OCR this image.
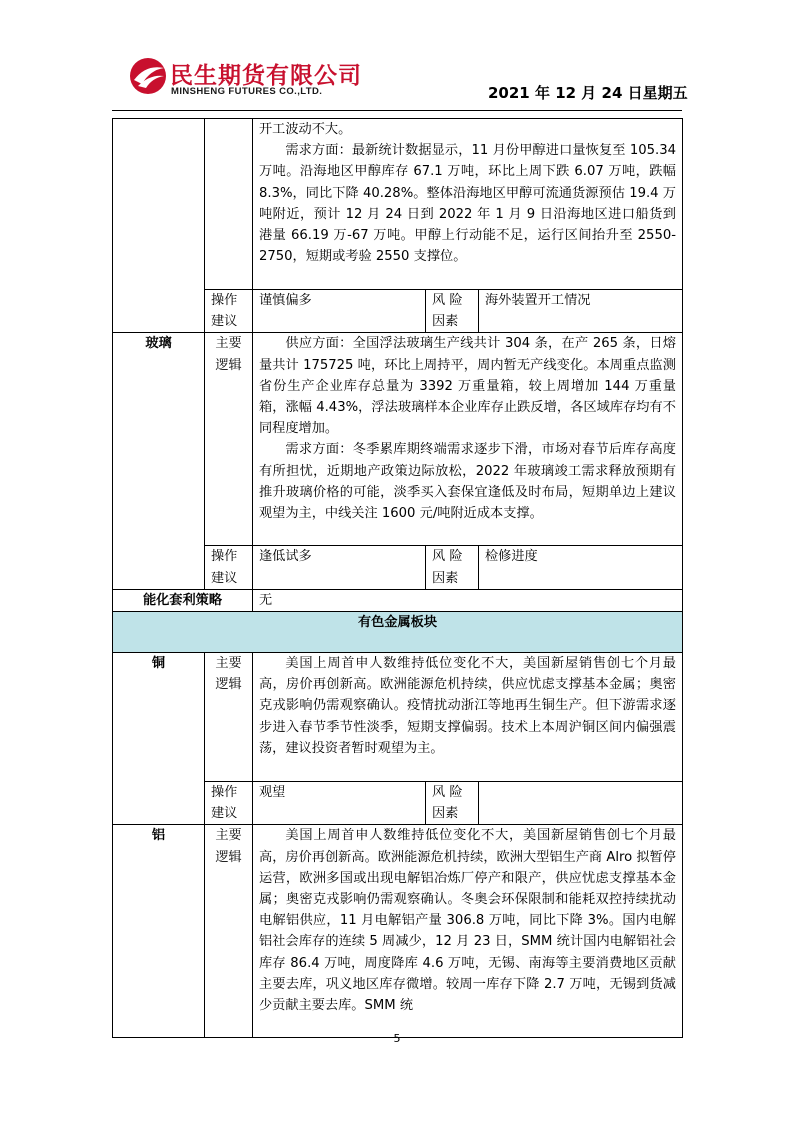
民生期货有限公司
MINSHENG FUTURES CO.,LTD.	2021 年 12 月 24 日星期五

		开工波动不大。

需求方面：最新统计数据显示，11 月份甲醇进口量恢复至 105.34 万吨。沿海地区甲醇库存 67.1 万吨，环比上周下跌 6.07 万吨，跌幅 8.3%，同比下降 40.28%。整体沿海地区甲醇可流通货源预估 19.4 万吨附近，预计 12 月 24 日到 2022 年 1 月 9 日沿海地区进口船货到 港量 66.19 万-67 万吨。甲醇上行动能不足，运行区间抬升至 2550-2750，短期或考验 2550 支撑位。		

	操作建议	谨慎偏多	风 险因素	海外装置开工情况
玻璃	主要逻辑	供应方面：全国浮法玻璃生产线共计 304 条，在产 265 条，日熔量共计 175725 吨，环比上周持平，周内暂无产线变化。本周重点监测省份生产企业库存总量为 3392 万重量箱，较上周增加 144 万重量箱，涨幅 4.43%，浮法玻璃样本企业库存止跌反增，各区域库存均有不同程度增加。

需求方面：冬季累库期终端需求逐步下滑，市场对春节后库存高度有所担忧，近期地产政策边际放松，2022 年玻璃竣工需求释放预期有推升玻璃价格的可能，淡季买入套保宜逢低及时布局，短期单边上建议观望为主，中线关注 1600 元/吨附近成本支撑。		

	操作建议	逢低试多	风 险因素	检修进度
能化套利策略		无		
有色金属板块				
铜	主要逻辑	美国上周首申人数维持低位变化不大，美国新屋销售创七个月最高，房价再创新高。欧洲能源危机持续，供应忧虑支撑基本金属；奥密克戎影响仍需观察确认。疫情扰动浙江等地再生铜生产。但下游需求逐步进入春节季节性淡季，短期支撑偏弱。技术上本周沪铜区间内偏强震荡，建议投资者暂时观望为主。		

	操作建议	观望	风 险因素	
铝	主要逻辑	美国上周首申人数维持低位变化不大，美国新屋销售创七个月最高，房价再创新高。欧洲能源危机持续，欧洲大型铝生产商 Alro 拟暂停运营，欧洲多国或出现电解铝冶炼厂停产和限产，供应忧虑支撑基本金属；奥密克戎影响仍需观察确认。冬奥会环保限制和能耗双控持续扰动电解铝供应，11 月电解铝产量 306.8 万吨，同比下降 3%。国内电解铝社会库存的连续 5 周减少，12 月 23 日，SMM 统计国内电解铝社会库存 86.4 万吨，周度降库 4.6 万吨，无锡、南海等主要消费地区贡献主要去库，巩义地区库存微增。较周一库存下降 2.7 万吨，无锡到货减少贡献主要去库。SMM 统		

5
